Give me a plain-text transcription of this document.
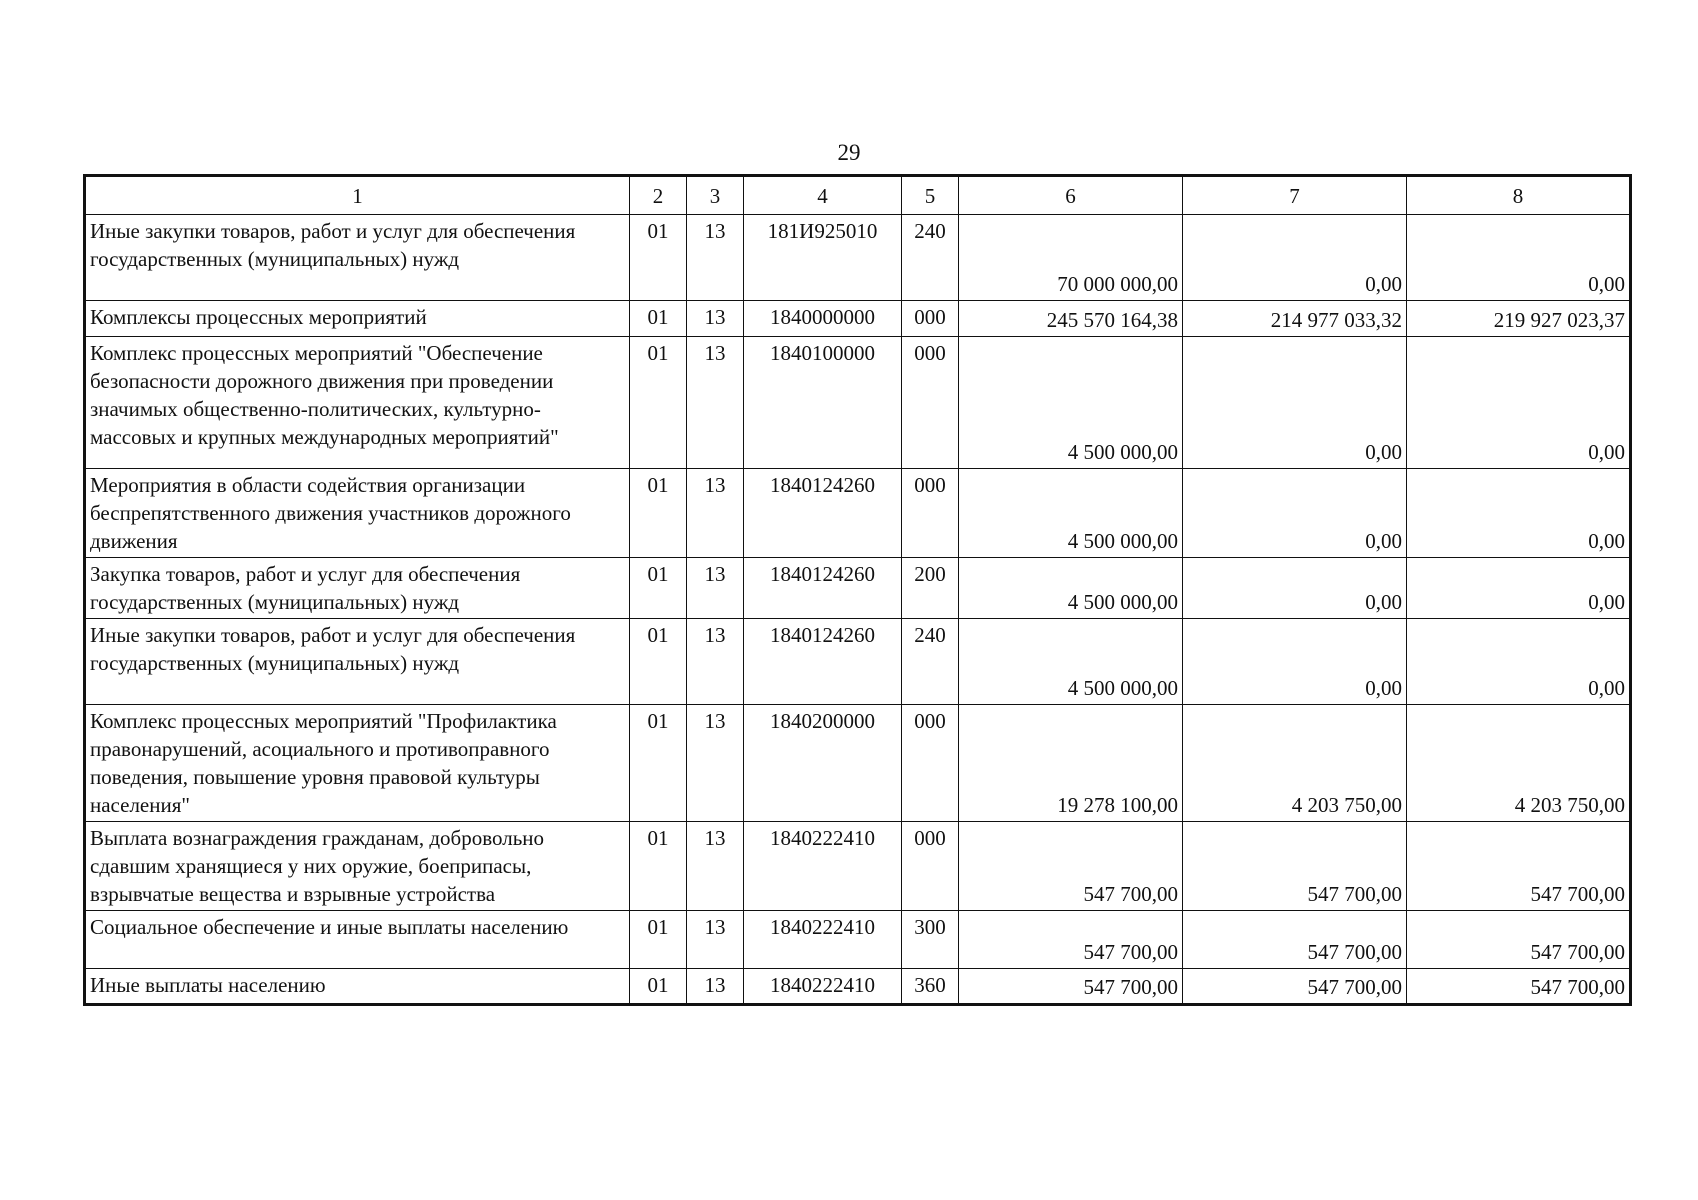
29
1	2	3	4	5	6	7	8
Иные закупки товаров, работ и услуг для обеспечения государственных (муниципальных) нужд	01	13	181И925010	240	70 000 000,00	0,00	0,00
Комплексы процессных мероприятий	01	13	1840000000	000	245 570 164,38	214 977 033,32	219 927 023,37
Комплекс процессных мероприятий "Обеспечение безопасности дорожного движения при проведении значимых общественно-политических, культурно-массовых и крупных международных мероприятий"	01	13	1840100000	000	4 500 000,00	0,00	0,00
Мероприятия в области содействия организации беспрепятственного движения участников дорожного движения	01	13	1840124260	000	4 500 000,00	0,00	0,00
Закупка товаров, работ и услуг для обеспечения государственных (муниципальных) нужд	01	13	1840124260	200	4 500 000,00	0,00	0,00
Иные закупки товаров, работ и услуг для обеспечения государственных (муниципальных) нужд	01	13	1840124260	240	4 500 000,00	0,00	0,00
Комплекс процессных мероприятий "Профилактика правонарушений, асоциального и противоправного поведения, повышение уровня правовой культуры населения"	01	13	1840200000	000	19 278 100,00	4 203 750,00	4 203 750,00
Выплата вознаграждения гражданам, добровольно сдавшим хранящиеся у них оружие, боеприпасы, взрывчатые вещества и взрывные устройства	01	13	1840222410	000	547 700,00	547 700,00	547 700,00
Социальное обеспечение и иные выплаты населению	01	13	1840222410	300	547 700,00	547 700,00	547 700,00
Иные выплаты населению	01	13	1840222410	360	547 700,00	547 700,00	547 700,00
